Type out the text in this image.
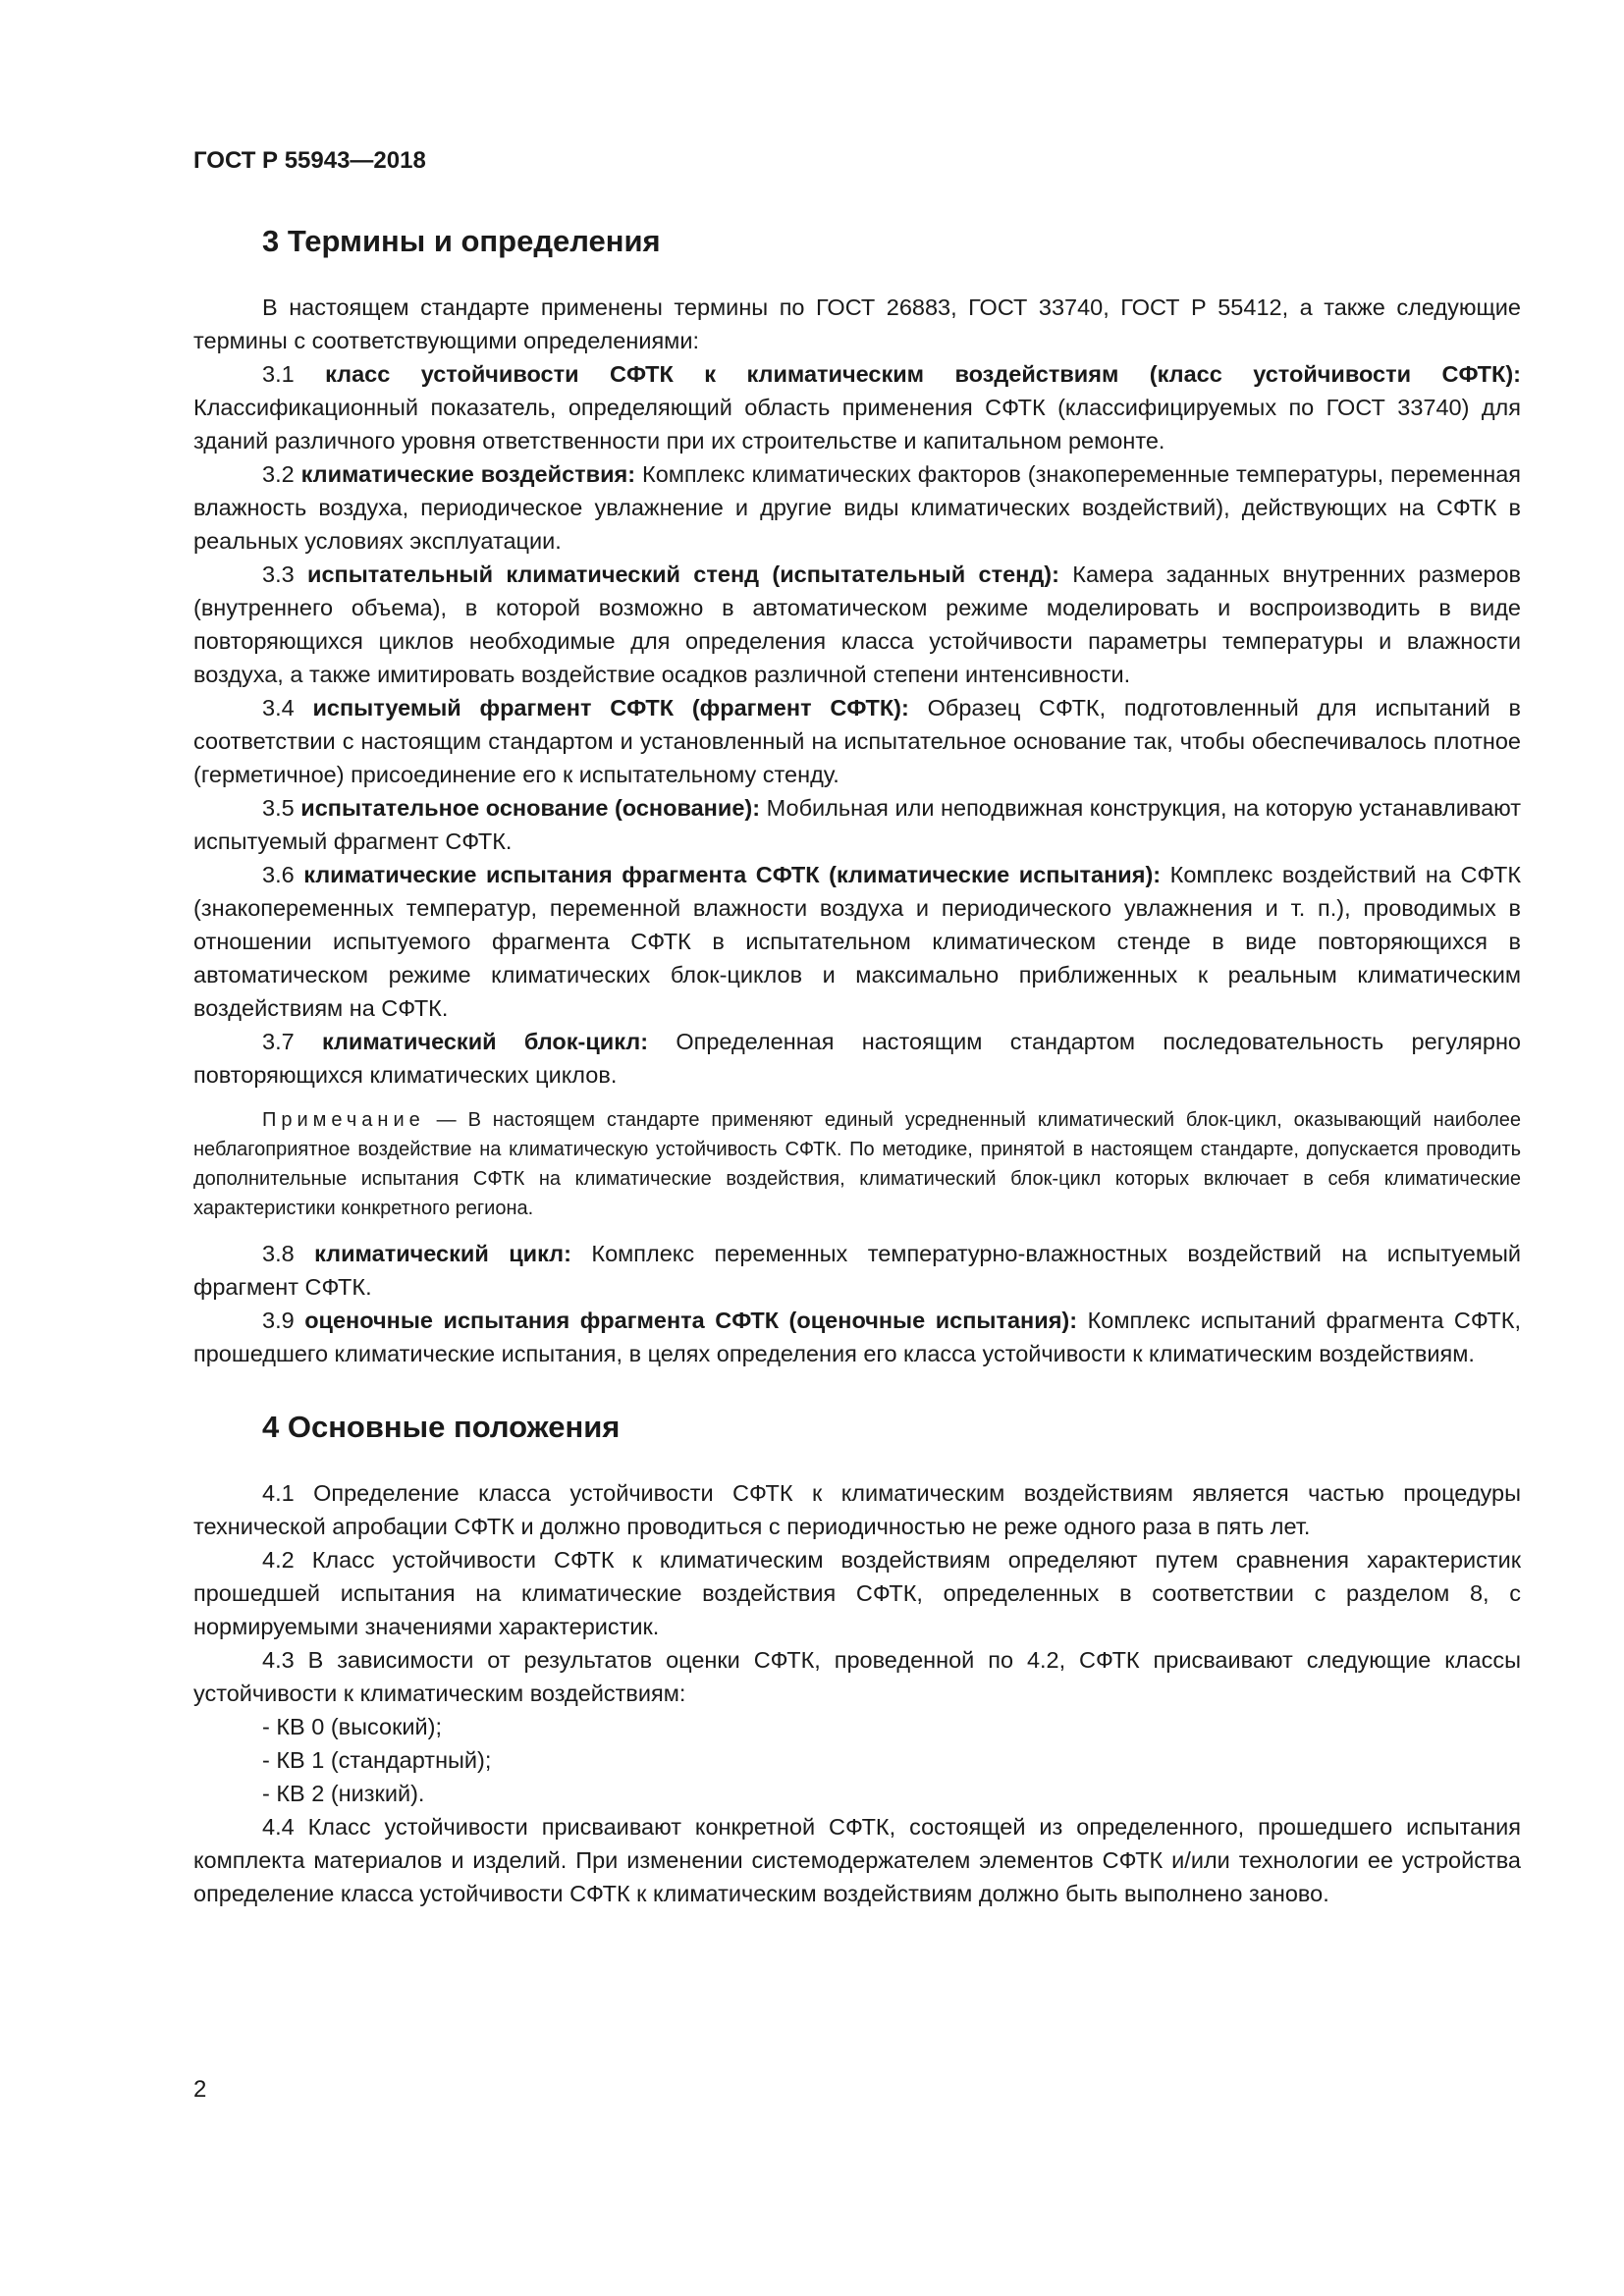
ГОСТ Р 55943—2018
3 Термины и определения

В настоящем стандарте применены термины по ГОСТ 26883, ГОСТ 33740, ГОСТ Р 55412, а также следующие термины с соответствующими определениями:

3.1 класс устойчивости СФТК к климатическим воздействиям (класс устойчивости СФТК): Классификационный показатель, определяющий область применения СФТК (классифицируемых по ГОСТ 33740) для зданий различного уровня ответственности при их строительстве и капитальном ремонте.

3.2 климатические воздействия: Комплекс климатических факторов (знакопеременные температуры, переменная влажность воздуха, периодическое увлажнение и другие виды климатических воздействий), действующих на СФТК в реальных условиях эксплуатации.

3.3 испытательный климатический стенд (испытательный стенд): Камера заданных внутренних размеров (внутреннего объема), в которой возможно в автоматическом режиме моделировать и воспроизводить в виде повторяющихся циклов необходимые для определения класса устойчивости параметры температуры и влажности воздуха, а также имитировать воздействие осадков различной степени интенсивности.

3.4 испытуемый фрагмент СФТК (фрагмент СФТК): Образец СФТК, подготовленный для испытаний в соответствии с настоящим стандартом и установленный на испытательное основание так, чтобы обеспечивалось плотное (герметичное) присоединение его к испытательному стенду.

3.5 испытательное основание (основание): Мобильная или неподвижная конструкция, на которую устанавливают испытуемый фрагмент СФТК.

3.6 климатические испытания фрагмента СФТК (климатические испытания): Комплекс воздействий на СФТК (знакопеременных температур, переменной влажности воздуха и периодического увлажнения и т. п.), проводимых в отношении испытуемого фрагмента СФТК в испытательном климатическом стенде в виде повторяющихся в автоматическом режиме климатических блок-циклов и максимально приближенных к реальным климатическим воздействиям на СФТК.

3.7 климатический блок-цикл: Определенная настоящим стандартом последовательность регулярно повторяющихся климатических циклов.

Примечание — В настоящем стандарте применяют единый усредненный климатический блок-цикл, оказывающий наиболее неблагоприятное воздействие на климатическую устойчивость СФТК. По методике, принятой в настоящем стандарте, допускается проводить дополнительные испытания СФТК на климатические воздействия, климатический блок-цикл которых включает в себя климатические характеристики конкретного региона.

3.8 климатический цикл: Комплекс переменных температурно-влажностных воздействий на испытуемый фрагмент СФТК.

3.9 оценочные испытания фрагмента СФТК (оценочные испытания): Комплекс испытаний фрагмента СФТК, прошедшего климатические испытания, в целях определения его класса устойчивости к климатическим воздействиям.

4 Основные положения

4.1 Определение класса устойчивости СФТК к климатическим воздействиям является частью процедуры технической апробации СФТК и должно проводиться с периодичностью не реже одного раза в пять лет.

4.2 Класс устойчивости СФТК к климатическим воздействиям определяют путем сравнения характеристик прошедшей испытания на климатические воздействия СФТК, определенных в соответствии с разделом 8, с нормируемыми значениями характеристик.

4.3 В зависимости от результатов оценки СФТК, проведенной по 4.2, СФТК присваивают следующие классы устойчивости к климатическим воздействиям:

- КВ 0 (высокий);

- КВ 1 (стандартный);

- КВ 2 (низкий).

4.4 Класс устойчивости присваивают конкретной СФТК, состоящей из определенного, прошедшего испытания комплекта материалов и изделий. При изменении системодержателем элементов СФТК и/или технологии ее устройства определение класса устойчивости СФТК к климатическим воздействиям должно быть выполнено заново.

2
